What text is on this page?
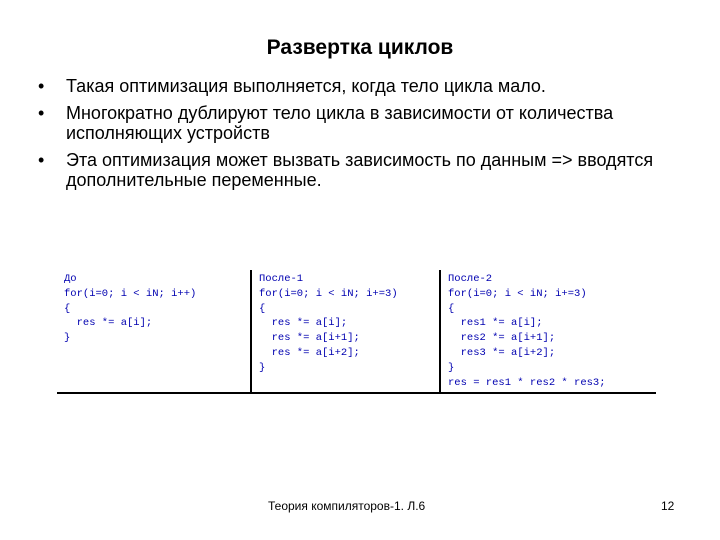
Развертка циклов
• Такая оптимизация выполняется, когда тело цикла мало.
• Многократно дублируют тело цикла в зависимости от количества исполняющих устройств
• Эта оптимизация может вызвать зависимость по данным => вводятся дополнительные переменные.
До
for(i=0; i < iN; i++)
{
res *= a[i];
}

После-1
for(i=0; i < iN; i+=3)
{
res *= a[i];
res *= a[i+1];
res *= a[i+2];
}

После-2
for(i=0; i < iN; i+=3)
{
res1 *= a[i];
res2 *= a[i+1];
res3 *= a[i+2];
}
res = res1 * res2 * res3;
Теория компиляторов-1. Л.6	12
